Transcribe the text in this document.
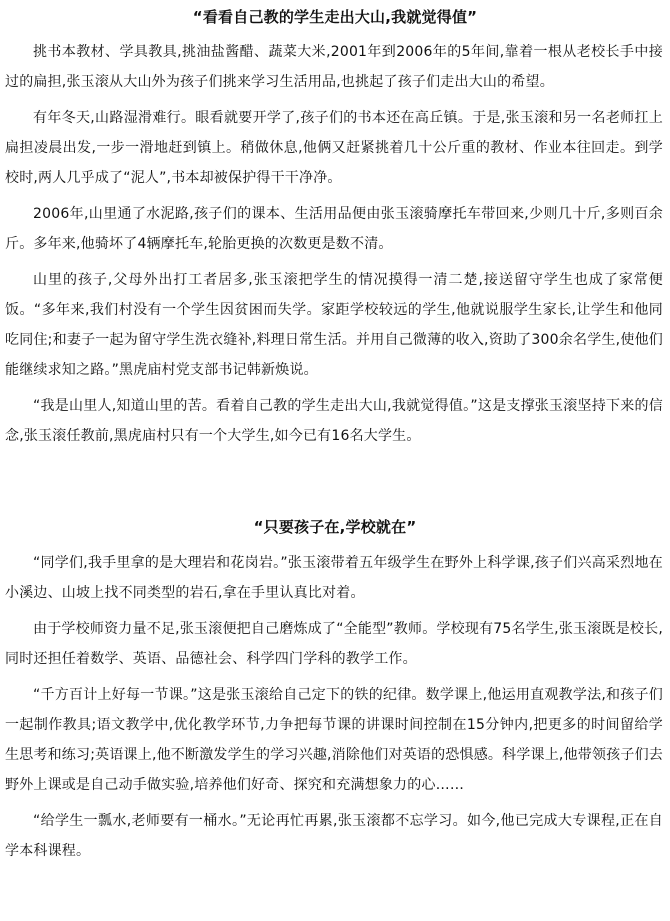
“看看自己教的学生走出大山,我就觉得值”

挑书本教材、学具教具,挑油盐酱醋、蔬菜大米,2001年到2006年的5年间,靠着一根从老校长手中接过的扁担,张玉滚从大山外为孩子们挑来学习生活用品,也挑起了孩子们走出大山的希望。

有年冬天,山路湿滑难行。眼看就要开学了,孩子们的书本还在高丘镇。于是,张玉滚和另一名老师扛上扁担凌晨出发,一步一滑地赶到镇上。稍做休息,他俩又赶紧挑着几十公斤重的教材、作业本往回走。到学校时,两人几乎成了“泥人”,书本却被保护得干干净净。

2006年,山里通了水泥路,孩子们的课本、生活用品便由张玉滚骑摩托车带回来,少则几十斤,多则百余斤。多年来,他骑坏了4辆摩托车,轮胎更换的次数更是数不清。

山里的孩子,父母外出打工者居多,张玉滚把学生的情况摸得一清二楚,接送留守学生也成了家常便饭。“多年来,我们村没有一个学生因贫困而失学。家距学校较远的学生,他就说服学生家长,让学生和他同吃同住;和妻子一起为留守学生洗衣缝补,料理日常生活。并用自己微薄的收入,资助了300余名学生,使他们能继续求知之路。”黑虎庙村党支部书记韩新焕说。

“我是山里人,知道山里的苦。看着自己教的学生走出大山,我就觉得值。”这是支撑张玉滚坚持下来的信念,张玉滚任教前,黑虎庙村只有一个大学生,如今已有16名大学生。

“只要孩子在,学校就在”

“同学们,我手里拿的是大理岩和花岗岩。”张玉滚带着五年级学生在野外上科学课,孩子们兴高采烈地在小溪边、山坡上找不同类型的岩石,拿在手里认真比对着。

由于学校师资力量不足,张玉滚便把自己磨炼成了“全能型”教师。学校现有75名学生,张玉滚既是校长,同时还担任着数学、英语、品德社会、科学四门学科的教学工作。

“千方百计上好每一节课。”这是张玉滚给自己定下的铁的纪律。数学课上,他运用直观教学法,和孩子们一起制作教具;语文教学中,优化教学环节,力争把每节课的讲课时间控制在15分钟内,把更多的时间留给学生思考和练习;英语课上,他不断激发学生的学习兴趣,消除他们对英语的恐惧感。科学课上,他带领孩子们去野外上课或是自己动手做实验,培养他们好奇、探究和充满想象力的心……

“给学生一瓢水,老师要有一桶水。”无论再忙再累,张玉滚都不忘学习。如今,他已完成大专课程,正在自学本科课程。
